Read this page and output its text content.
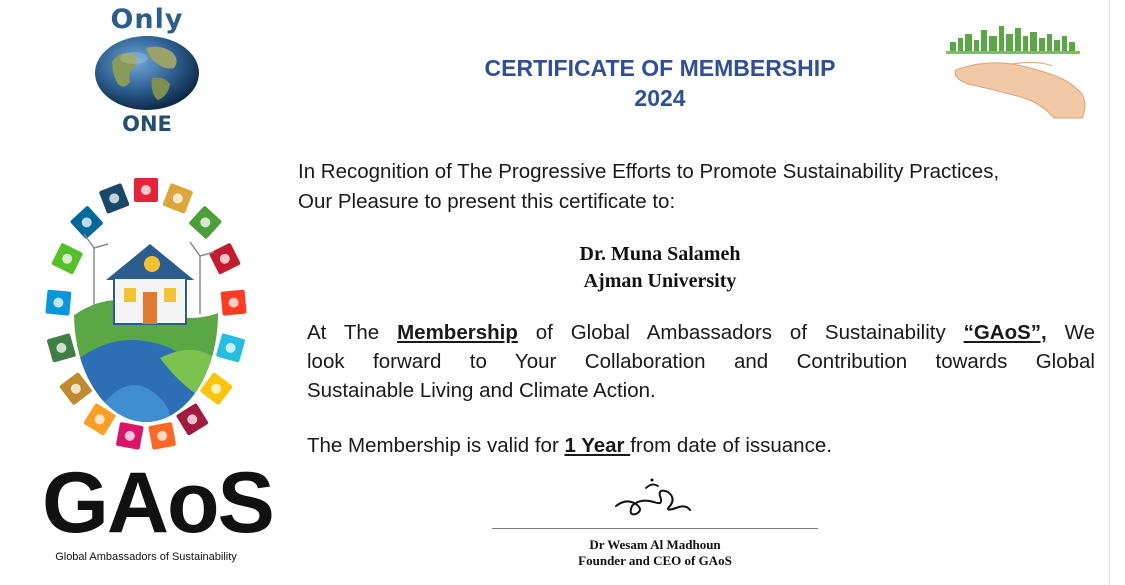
Only
ONE
GAoS
Global Ambassadors of Sustainability
CERTIFICATE OF MEMBERSHIP
2024
In Recognition of The Progressive Efforts to Promote Sustainability Practices,
Our Pleasure to present this certificate to:
Dr. Muna Salameh
Ajman University
At The Membership of Global Ambassadors of Sustainability “GAoS”, We
look forward to Your Collaboration and Contribution towards Global
Sustainable Living and Climate Action.
The Membership is valid for 1 Year from date of issuance.
Dr Wesam Al Madhoun
Founder and CEO of GAoS
